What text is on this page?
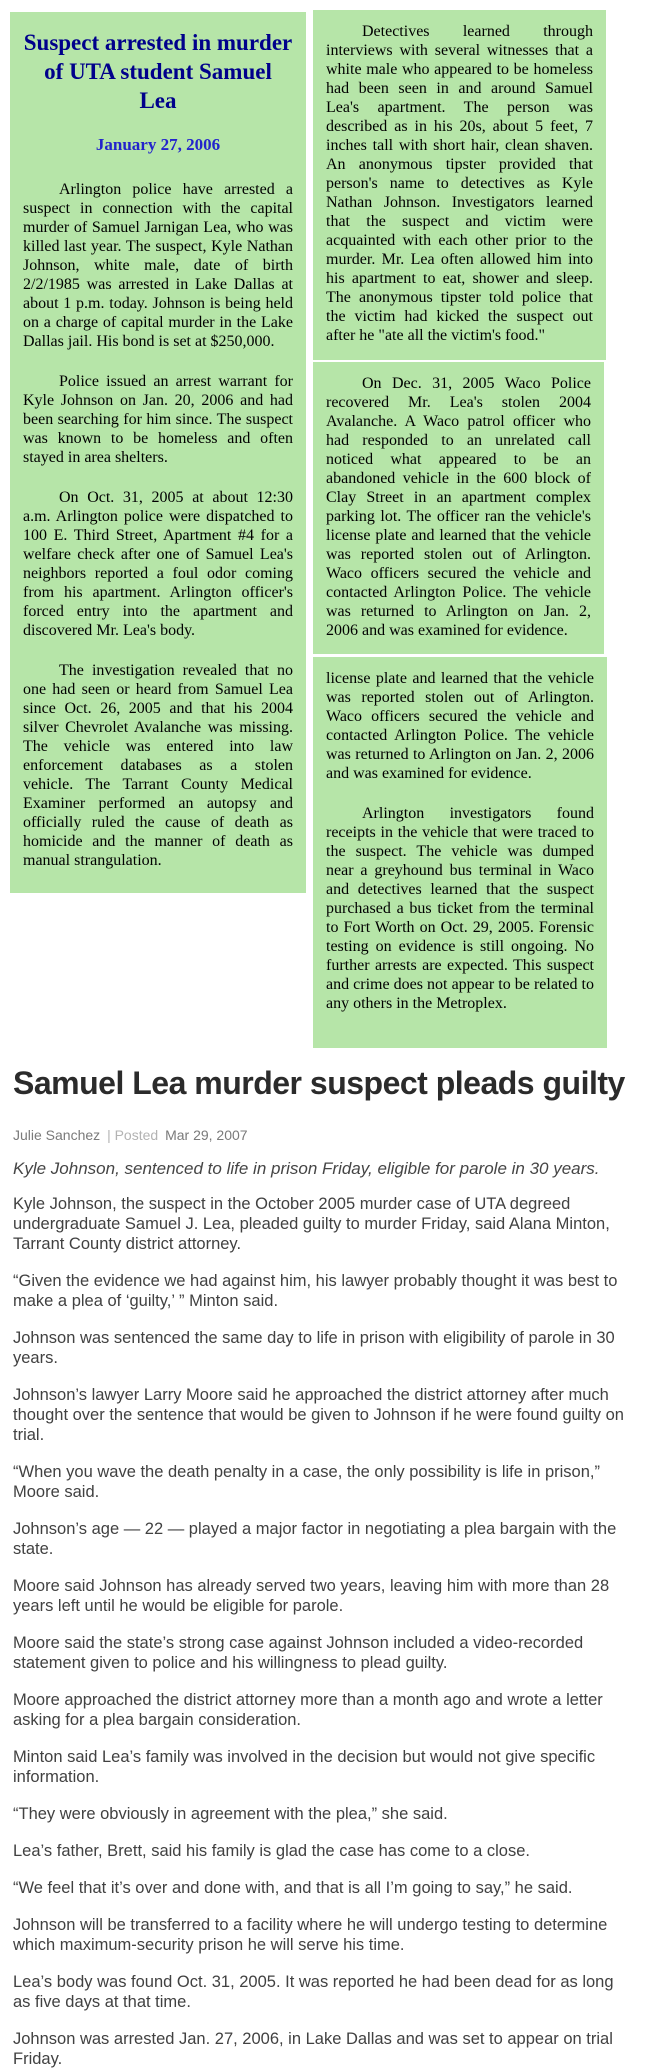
Suspect arrested in murder of UTA student Samuel Lea
January 27, 2006

Arlington police have arrested a suspect in connection with the capital murder of Samuel Jarnigan Lea, who was killed last year. The suspect, Kyle Nathan Johnson, white male, date of birth 2/2/1985 was arrested in Lake Dallas at about 1 p.m. today. Johnson is being held on a charge of capital murder in the Lake Dallas jail. His bond is set at $250,000.

Police issued an arrest warrant for Kyle Johnson on Jan. 20, 2006 and had been searching for him since. The suspect was known to be homeless and often stayed in area shelters.

On Oct. 31, 2005 at about 12:30 a.m. Arlington police were dispatched to 100 E. Third Street, Apartment #4 for a welfare check after one of Samuel Lea's neighbors reported a foul odor coming from his apartment. Arlington officer's forced entry into the apartment and discovered Mr. Lea's body.

The investigation revealed that no one had seen or heard from Samuel Lea since Oct. 26, 2005 and that his 2004 silver Chevrolet Avalanche was missing. The vehicle was entered into law enforcement databases as a stolen vehicle. The Tarrant County Medical Examiner performed an autopsy and officially ruled the cause of death as homicide and the manner of death as manual strangulation.

Detectives learned through interviews with several witnesses that a white male who appeared to be homeless had been seen in and around Samuel Lea's apartment. The person was described as in his 20s, about 5 feet, 7 inches tall with short hair, clean shaven. An anonymous tipster provided that person's name to detectives as Kyle Nathan Johnson. Investigators learned that the suspect and victim were acquainted with each other prior to the murder. Mr. Lea often allowed him into his apartment to eat, shower and sleep. The anonymous tipster told police that the victim had kicked the suspect out after he "ate all the victim's food."

On Dec. 31, 2005 Waco Police recovered Mr. Lea's stolen 2004 Avalanche. A Waco patrol officer who had responded to an unrelated call noticed what appeared to be an abandoned vehicle in the 600 block of Clay Street in an apartment complex parking lot. The officer ran the vehicle's license plate and learned that the vehicle was reported stolen out of Arlington. Waco officers secured the vehicle and contacted Arlington Police. The vehicle was returned to Arlington on Jan. 2, 2006 and was examined for evidence.

license plate and learned that the vehicle was reported stolen out of Arlington. Waco officers secured the vehicle and contacted Arlington Police. The vehicle was returned to Arlington on Jan. 2, 2006 and was examined for evidence.

Arlington investigators found receipts in the vehicle that were traced to the suspect. The vehicle was dumped near a greyhound bus terminal in Waco and detectives learned that the suspect purchased a bus ticket from the terminal to Fort Worth on Oct. 29, 2005. Forensic testing on evidence is still ongoing. No further arrests are expected. This suspect and crime does not appear to be related to any others in the Metroplex.

Samuel Lea murder suspect pleads guilty
Julie Sanchez | Posted Mar 29, 2007

Kyle Johnson, sentenced to life in prison Friday, eligible for parole in 30 years.

Kyle Johnson, the suspect in the October 2005 murder case of UTA degreed undergraduate Samuel J. Lea, pleaded guilty to murder Friday, said Alana Minton, Tarrant County district attorney.

“Given the evidence we had against him, his lawyer probably thought it was best to make a plea of ‘guilty,’ ” Minton said.

Johnson was sentenced the same day to life in prison with eligibility of parole in 30 years.

Johnson’s lawyer Larry Moore said he approached the district attorney after much thought over the sentence that would be given to Johnson if he were found guilty on trial.

“When you wave the death penalty in a case, the only possibility is life in prison,” Moore said.

Johnson’s age — 22 — played a major factor in negotiating a plea bargain with the state.

Moore said Johnson has already served two years, leaving him with more than 28 years left until he would be eligible for parole.

Moore said the state’s strong case against Johnson included a video-recorded statement given to police and his willingness to plead guilty.

Moore approached the district attorney more than a month ago and wrote a letter asking for a plea bargain consideration.

Minton said Lea’s family was involved in the decision but would not give specific information.

“They were obviously in agreement with the plea,” she said.

Lea’s father, Brett, said his family is glad the case has come to a close.

“We feel that it’s over and done with, and that is all I’m going to say,” he said.

Johnson will be transferred to a facility where he will undergo testing to determine which maximum-security prison he will serve his time.

Lea’s body was found Oct. 31, 2005. It was reported he had been dead for as long as five days at that time.

Johnson was arrested Jan. 27, 2006, in Lake Dallas and was set to appear on trial Friday.
